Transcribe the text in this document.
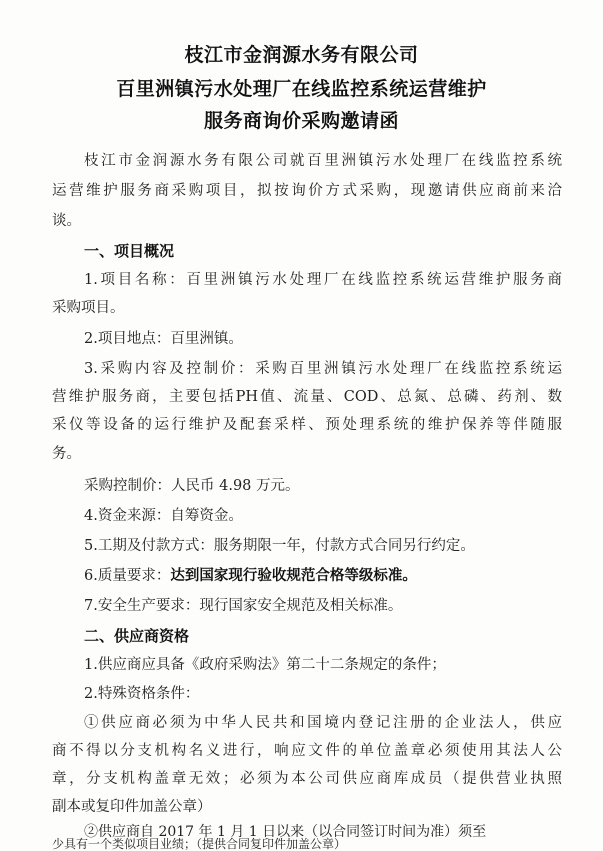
枝江市金润源水务有限公司
百里洲镇污水处理厂在线监控系统运营维护
服务商询价采购邀请函
枝江市金润源水务有限公司就百里洲镇污水处理厂在线监控系统
运营维护服务商采购项目，拟按询价方式采购，现邀请供应商前来洽
谈。
一、项目概况
1.项目名称：百里洲镇污水处理厂在线监控系统运营维护服务商
采购项目。
2.项目地点：百里洲镇。
3.采购内容及控制价：采购百里洲镇污水处理厂在线监控系统运
营维护服务商，主要包括PH值、流量、COD、总氮、总磷、药剂、数
采仪等设备的运行维护及配套采样、预处理系统的维护保养等伴随服
务。
采购控制价：人民币 4.98 万元。
4.资金来源：自筹资金。
5.工期及付款方式：服务期限一年，付款方式合同另行约定。
6.质量要求：达到国家现行验收规范合格等级标准。
7.安全生产要求：现行国家安全规范及相关标准。
二、供应商资格
1.供应商应具备《政府采购法》第二十二条规定的条件；
2.特殊资格条件：
①供应商必须为中华人民共和国境内登记注册的企业法人，供应
商不得以分支机构名义进行，响应文件的单位盖章必须使用其法人公
章，分支机构盖章无效；必须为本公司供应商库成员（提供营业执照
副本或复印件加盖公章）
②供应商自 2017 年 1 月 1 日以来（以合同签订时间为准）须至
少具有一个类似项目业绩；（提供合同复印件加盖公章）
